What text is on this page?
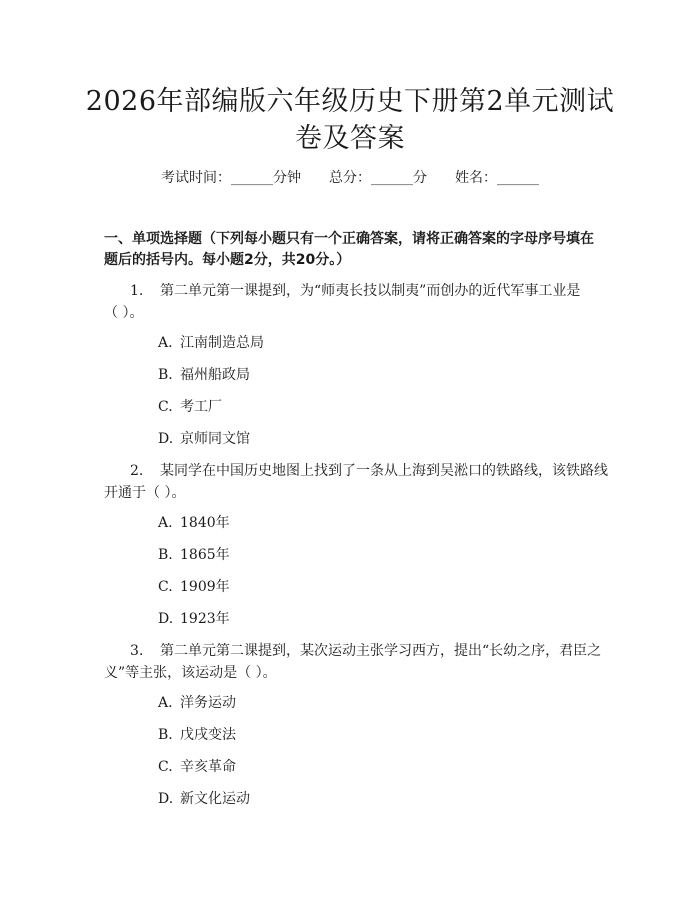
2026年部编版六年级历史下册第2单元测试
卷及答案
考试时间：______分钟 总分：______分 姓名：______
一、单项选择题（下列每小题只有一个正确答案，请将正确答案的字母序号填在
题后的括号内。每小题2分，共20分。）
1. 第二单元第一课提到，为“师夷长技以制夷”而创办的近代军事工业是
（ ）。
A. 江南制造总局
B. 福州船政局
C. 考工厂
D. 京师同文馆
2. 某同学在中国历史地图上找到了一条从上海到吴淞口的铁路线，该铁路线
开通于（ ）。
A. 1840年
B. 1865年
C. 1909年
D. 1923年
3. 第二单元第二课提到，某次运动主张学习西方，提出“长幼之序，君臣之
义”等主张，该运动是（ ）。
A. 洋务运动
B. 戊戌变法
C. 辛亥革命
D. 新文化运动
